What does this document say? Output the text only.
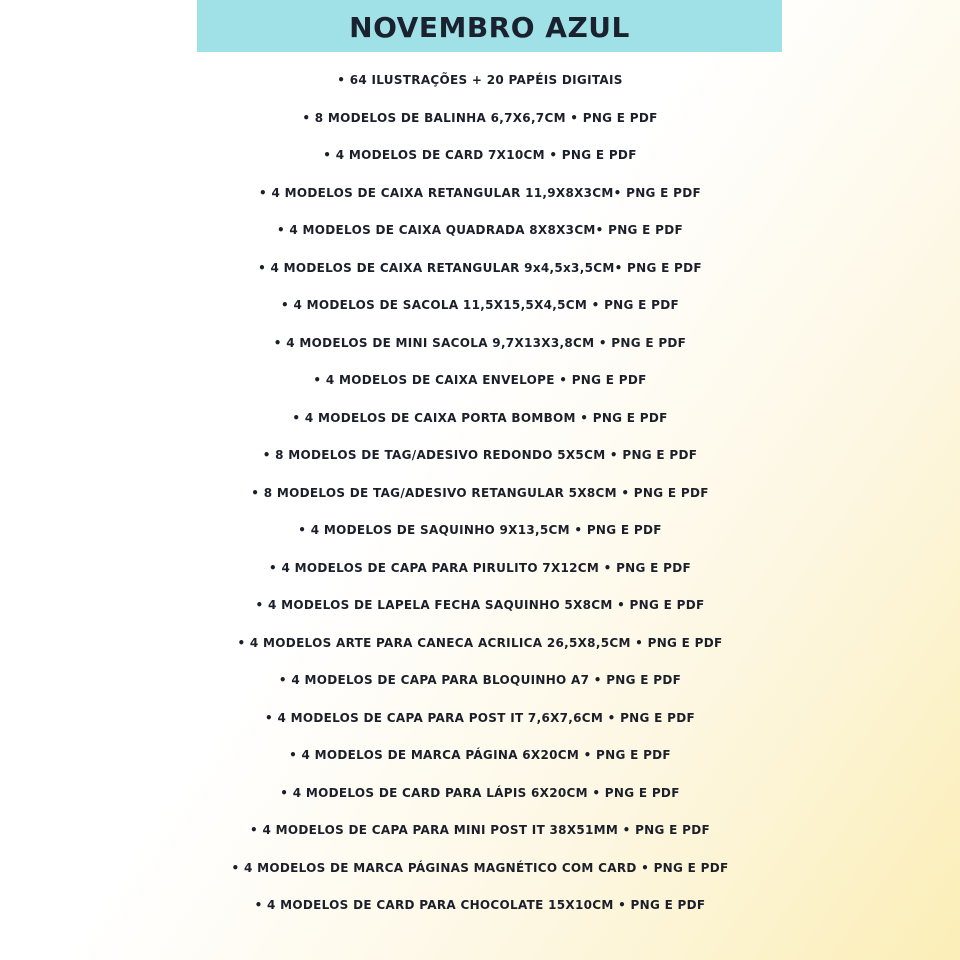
NOVEMBRO AZUL
• 64 ILUSTRAÇÕES + 20 PAPÉIS DIGITAIS
• 8 MODELOS DE BALINHA 6,7X6,7CM • PNG E PDF
• 4 MODELOS DE CARD 7X10CM • PNG E PDF
• 4 MODELOS DE CAIXA RETANGULAR 11,9X8X3CM• PNG E PDF
• 4 MODELOS DE CAIXA QUADRADA 8X8X3CM• PNG E PDF
• 4 MODELOS DE CAIXA RETANGULAR 9x4,5x3,5CM• PNG E PDF
• 4 MODELOS DE SACOLA 11,5X15,5X4,5CM • PNG E PDF
• 4 MODELOS DE MINI SACOLA 9,7X13X3,8CM • PNG E PDF
• 4 MODELOS DE CAIXA ENVELOPE • PNG E PDF
• 4 MODELOS DE CAIXA PORTA BOMBOM • PNG E PDF
• 8 MODELOS DE TAG/ADESIVO REDONDO 5X5CM • PNG E PDF
• 8 MODELOS DE TAG/ADESIVO RETANGULAR 5X8CM • PNG E PDF
• 4 MODELOS DE SAQUINHO 9X13,5CM • PNG E PDF
• 4 MODELOS DE CAPA PARA PIRULITO 7X12CM • PNG E PDF
• 4 MODELOS DE LAPELA FECHA SAQUINHO 5X8CM • PNG E PDF
• 4 MODELOS ARTE PARA CANECA ACRILICA 26,5X8,5CM • PNG E PDF
• 4 MODELOS DE CAPA PARA BLOQUINHO A7 • PNG E PDF
• 4 MODELOS DE CAPA PARA POST IT 7,6X7,6CM • PNG E PDF
• 4 MODELOS DE MARCA PÁGINA 6X20CM • PNG E PDF
• 4 MODELOS DE CARD PARA LÁPIS 6X20CM • PNG E PDF
• 4 MODELOS DE CAPA PARA MINI POST IT 38X51MM • PNG E PDF
• 4 MODELOS DE MARCA PÁGINAS MAGNÉTICO COM CARD • PNG E PDF
• 4 MODELOS DE CARD PARA CHOCOLATE 15X10CM • PNG E PDF
